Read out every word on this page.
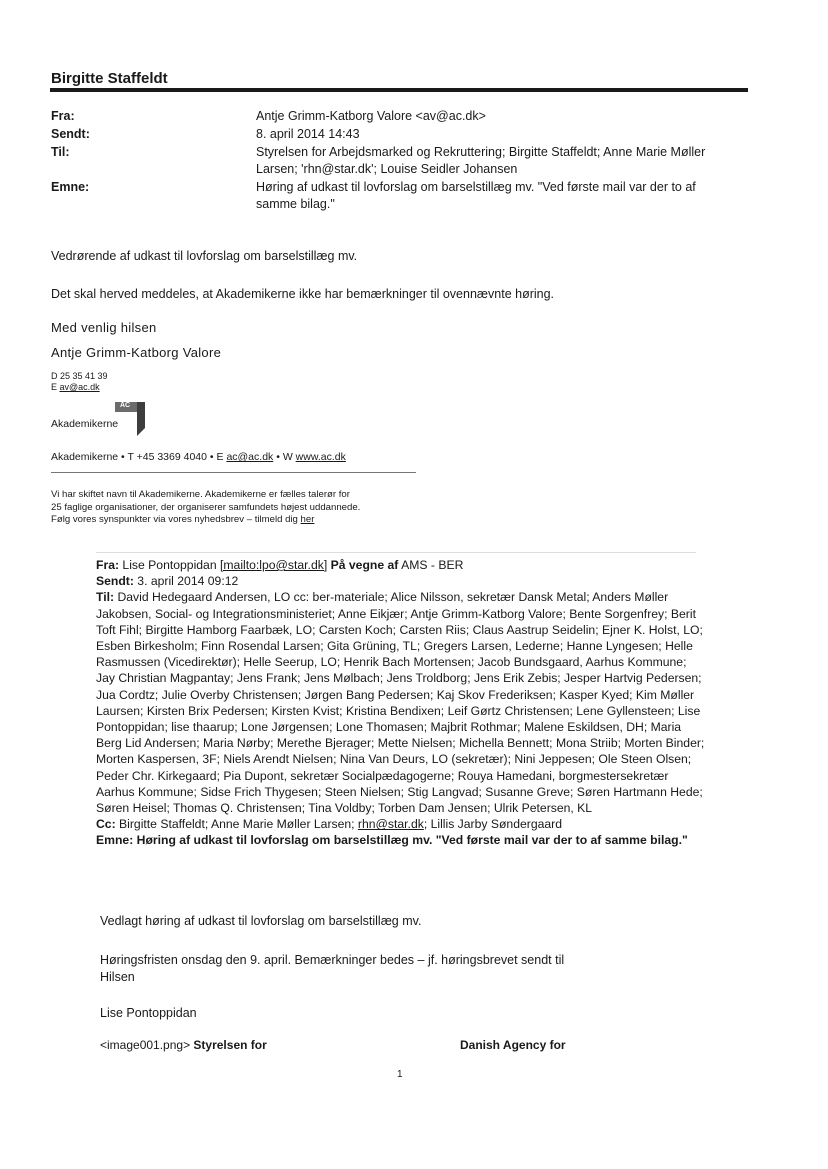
Birgitte Staffeldt
Fra:	Antje Grimm-Katborg Valore <av@ac.dk>
Sendt:	8. april 2014 14:43
Til:	Styrelsen for Arbejdsmarked og Rekruttering; Birgitte Staffeldt; Anne Marie Møller
Larsen; 'rhn@star.dk'; Louise Seidler Johansen
Emne:	Høring af udkast til lovforslag om barselstillæg mv. "Ved første mail var der to af
samme bilag."
Vedrørende af udkast til lovforslag om barselstillæg mv.
Det skal herved meddeles, at Akademikerne ikke har bemærkninger til ovennævnte høring.
Med venlig hilsen
Antje Grimm-Katborg Valore
D 25 35 41 39
E av@ac.dk
AC
Akademikerne
Akademikerne • T +45 3369 4040 • E ac@ac.dk • W www.ac.dk
Vi har skiftet navn til Akademikerne. Akademikerne er fælles talerør for
25 faglige organisationer, der organiserer samfundets højest uddannede.
Følg vores synspunkter via vores nyhedsbrev – tilmeld dig her

Fra: Lise Pontoppidan [mailto:lpo@star.dk] På vegne af AMS - BER

Sendt: 3. april 2014 09:12

Til: David Hedegaard Andersen, LO cc: ber-materiale; Alice Nilsson, sekretær Dansk Metal; Anders Møller Jakobsen, Social- og Integrationsministeriet; Anne Eikjær; Antje Grimm-Katborg Valore; Bente Sorgenfrey; Berit Toft Fihl; Birgitte Hamborg Faarbæk, LO; Carsten Koch; Carsten Riis; Claus Aastrup Seidelin; Ejner K. Holst, LO; Esben Birkesholm; Finn Rosendal Larsen; Gita Grüning, TL; Gregers Larsen, Lederne; Hanne Lyngesen; Helle Rasmussen (Vicedirektør); Helle Seerup, LO; Henrik Bach Mortensen; Jacob Bundsgaard, Aarhus Kommune; Jay Christian Magpantay; Jens Frank; Jens Mølbach; Jens Troldborg; Jens Erik Zebis; Jesper Hartvig Pedersen; Jua Cordtz; Julie Overby Christensen; Jørgen Bang Pedersen; Kaj Skov Frederiksen; Kasper Kyed; Kim Møller Laursen; Kirsten Brix Pedersen; Kirsten Kvist; Kristina Bendixen; Leif Gørtz Christensen; Lene Gyllensteen; Lise Pontoppidan; lise thaarup; Lone Jørgensen; Lone Thomasen; Majbrit Rothmar; Malene Eskildsen, DH; Maria Berg Lid Andersen; Maria Nørby; Merethe Bjerager; Mette Nielsen; Michella Bennett; Mona Striib; Morten Binder; Morten Kaspersen, 3F; Niels Arendt Nielsen; Nina Van Deurs, LO (sekretær); Nini Jeppesen; Ole Steen Olsen; Peder Chr. Kirkegaard; Pia Dupont, sekretær Socialpædagogerne; Rouya Hamedani, borgmestersekretær Aarhus Kommune; Sidse Frich Thygesen; Steen Nielsen; Stig Langvad; Susanne Greve; Søren Hartmann Hede; Søren Heisel; Thomas Q. Christensen; Tina Voldby; Torben Dam Jensen; Ulrik Petersen, KL

Cc: Birgitte Staffeldt; Anne Marie Møller Larsen; rhn@star.dk; Lillis Jarby Søndergaard

Emne: Høring af udkast til lovforslag om barselstillæg mv. "Ved første mail var der to af samme bilag."

Vedlagt høring af udkast til lovforslag om barselstillæg mv.
Høringsfristen onsdag den 9. april. Bemærkninger bedes – jf. høringsbrevet sendt til
Hilsen
Lise Pontoppidan
<image001.png> Styrelsen for	Danish Agency for
1
